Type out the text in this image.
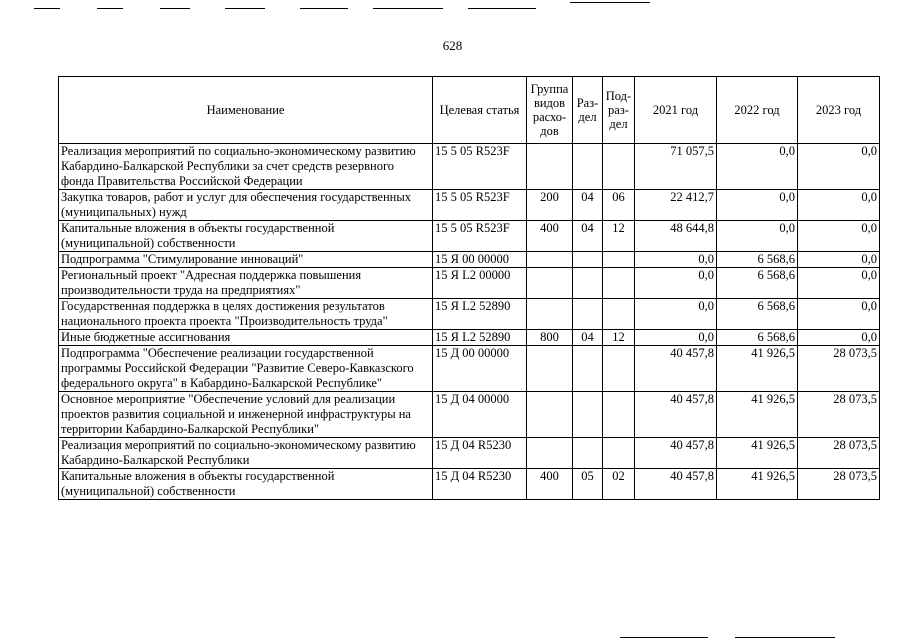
628
Наименование	Целевая статья	Группа видов расхо-дов	Раз-дел	Под-раз-дел	2021 год	2022 год	2023 год
Реализация мероприятий по социально-экономическому развитию Кабардино-Балкарской Республики за счет средств резервного фонда Правительства Российской Федерации	15 5 05 R523F				71 057,5	0,0	0,0
Закупка товаров, работ и услуг для обеспечения государственных (муниципальных) нужд	15 5 05 R523F	200	04	06	22 412,7	0,0	0,0
Капитальные вложения в объекты государственной (муниципальной) собственности	15 5 05 R523F	400	04	12	48 644,8	0,0	0,0
Подпрограмма "Стимулирование инноваций"	15 Я 00 00000				0,0	6 568,6	0,0
Региональный проект "Адресная поддержка повышения производительности труда на предприятиях"	15 Я L2 00000				0,0	6 568,6	0,0
Государственная поддержка в целях достижения результатов национального проекта проекта "Производительность труда"	15 Я L2 52890				0,0	6 568,6	0,0
Иные бюджетные ассигнования	15 Я L2 52890	800	04	12	0,0	6 568,6	0,0
Подпрограмма "Обеспечение реализации государственной программы Российской Федерации "Развитие Северо-Кавказского федерального округа" в Кабардино-Балкарской Республике"	15 Д 00 00000				40 457,8	41 926,5	28 073,5
Основное мероприятие "Обеспечение условий для реализации проектов развития социальной и инженерной инфраструктуры на территории Кабардино-Балкарской Республики"	15 Д 04 00000				40 457,8	41 926,5	28 073,5
Реализация мероприятий по социально-экономическому развитию Кабардино-Балкарской Республики	15 Д 04 R5230				40 457,8	41 926,5	28 073,5
Капитальные вложения в объекты государственной (муниципальной) собственности	15 Д 04 R5230	400	05	02	40 457,8	41 926,5	28 073,5
